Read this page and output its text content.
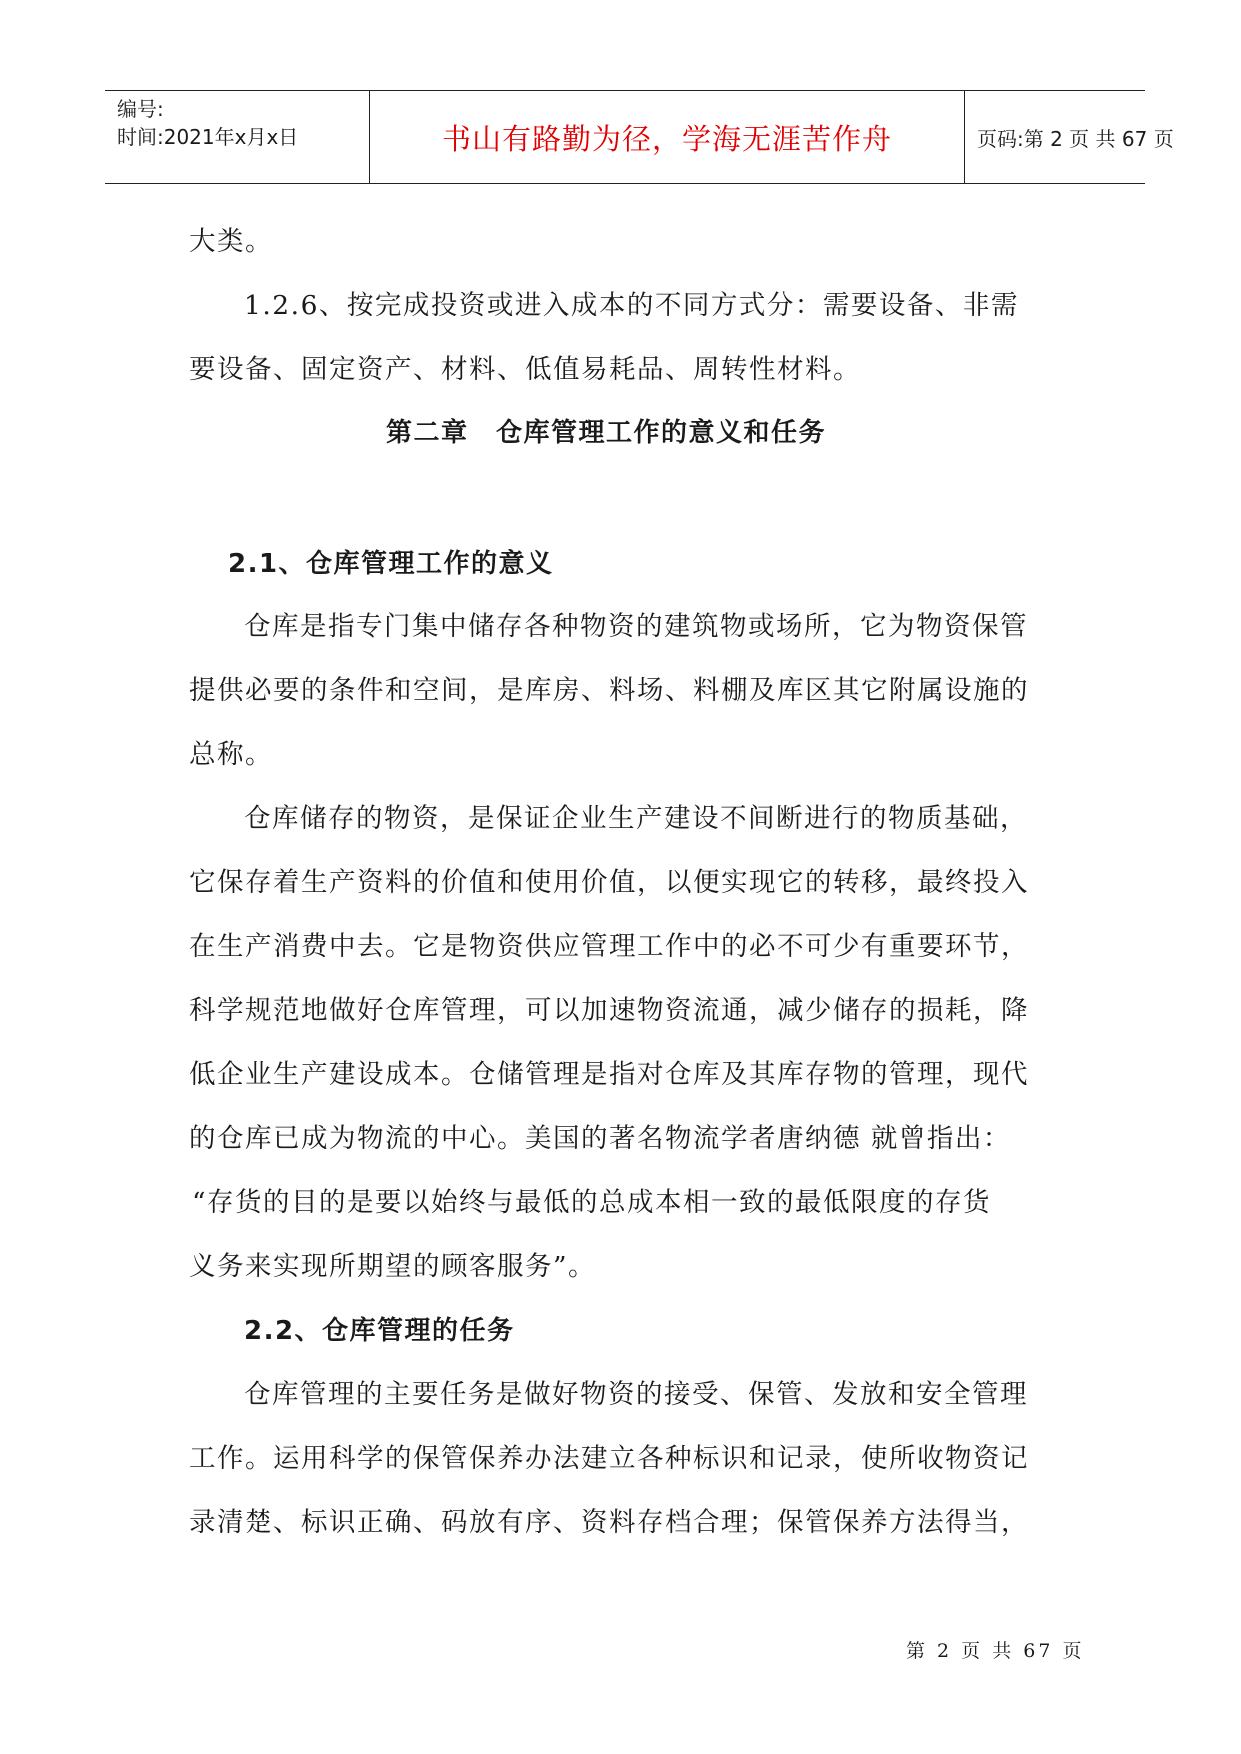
编号:
时间:2021年x月x日	书山有路勤为径，学海无涯苦作舟	页码:第 2 页 共 67 页
大类。
1.2.6、按完成投资或进入成本的不同方式分：需要设备、非需
要设备、固定资产、材料、低值易耗品、周转性材料。
第二章　仓库管理工作的意义和任务
2.1、仓库管理工作的意义
仓库是指专门集中储存各种物资的建筑物或场所，它为物资保管
提供必要的条件和空间，是库房、料场、料棚及库区其它附属设施的
总称。
仓库储存的物资，是保证企业生产建设不间断进行的物质基础，
它保存着生产资料的价值和使用价值，以便实现它的转移，最终投入
在生产消费中去。它是物资供应管理工作中的必不可少有重要环节，
科学规范地做好仓库管理，可以加速物资流通，减少储存的损耗，降
低企业生产建设成本。仓储管理是指对仓库及其库存物的管理，现代
的仓库已成为物流的中心。美国的著名物流学者唐纳德 就曾指出：
“存货的目的是要以始终与最低的总成本相一致的最低限度的存货
义务来实现所期望的顾客服务”。
2.2、仓库管理的任务
仓库管理的主要任务是做好物资的接受、保管、发放和安全管理
工作。运用科学的保管保养办法建立各种标识和记录，使所收物资记
录清楚、标识正确、码放有序、资料存档合理；保管保养方法得当，
第 2 页 共 67 页
